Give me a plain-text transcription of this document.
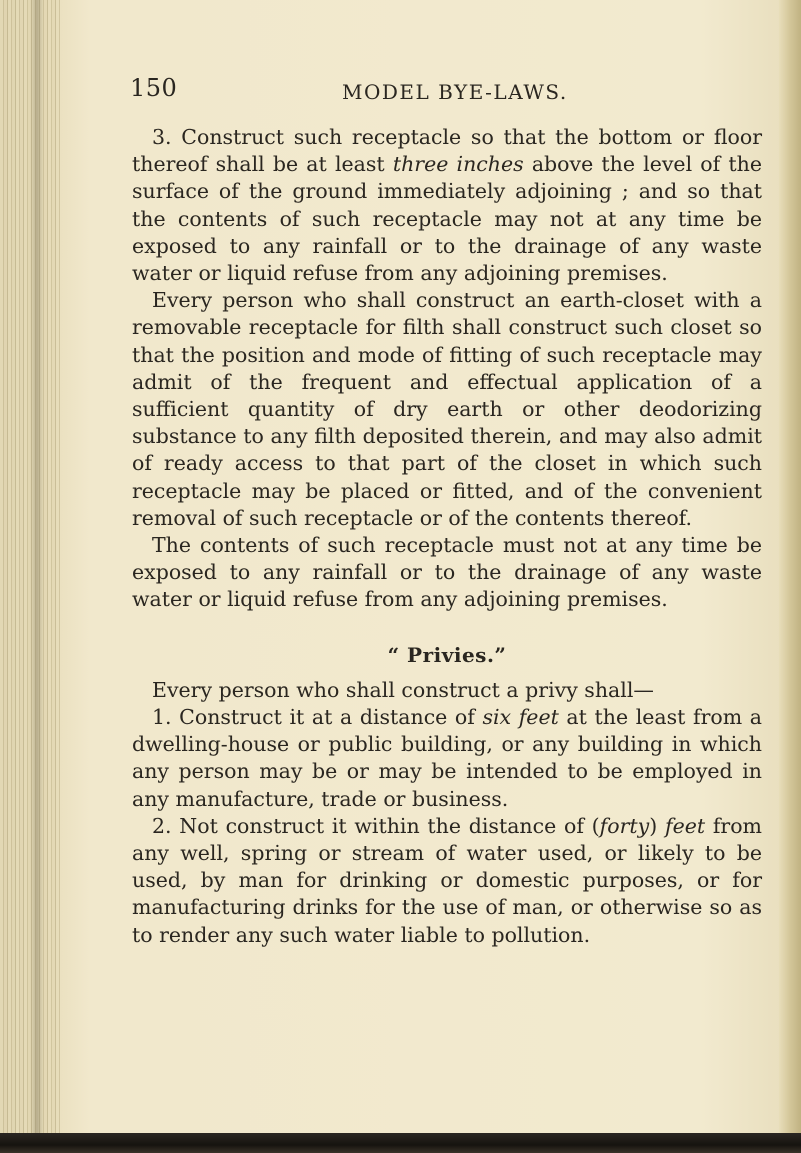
150	MODEL BYE-LAWS.

3. Construct such receptacle so that the bottom or floor thereof shall be at least three inches above the level of the surface of the ground immediately adjoining ; and so that the contents of such receptacle may not at any time be exposed to any rainfall or to the drainage of any waste water or liquid refuse from any adjoining premises.

Every person who shall construct an earth-closet with a removable receptacle for filth shall construct such closet so that the position and mode of fitting of such receptacle may admit of the frequent and effectual application of a sufficient quantity of dry earth or other deodorizing substance to any filth deposited therein, and may also admit of ready access to that part of the closet in which such receptacle may be placed or fitted, and of the convenient removal of such receptacle or of the contents thereof.

The contents of such receptacle must not at any time be exposed to any rainfall or to the drainage of any waste water or liquid refuse from any adjoining premises.

“ Privies.”

Every person who shall construct a privy shall—

1. Construct it at a distance of six feet at the least from a dwelling-house or public building, or any building in which any person may be or may be intended to be employed in any manufacture, trade or business.

2. Not construct it within the distance of (forty) feet from any well, spring or stream of water used, or likely to be used, by man for drinking or domestic purposes, or for manufacturing drinks for the use of man, or otherwise so as to render any such water liable to pollution.
